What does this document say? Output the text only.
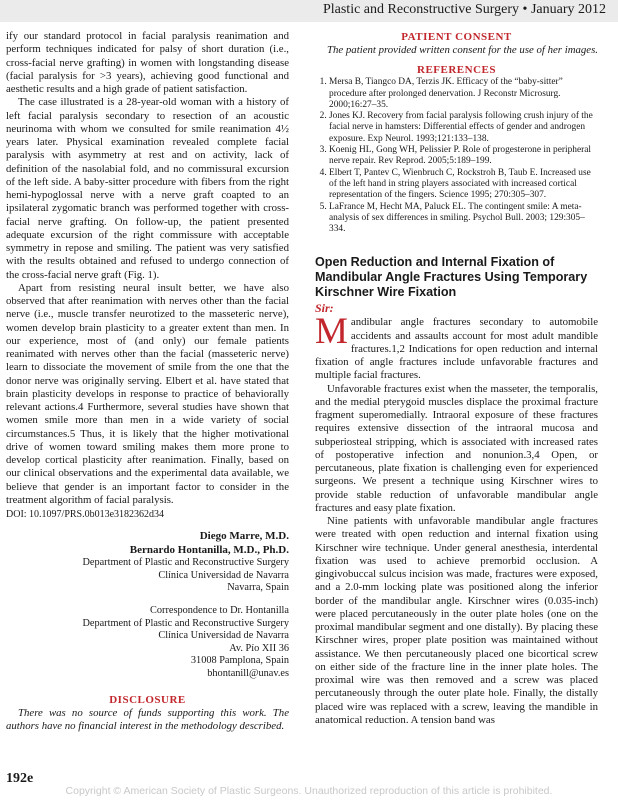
Plastic and Reconstructive Surgery • January 2012

ify our standard protocol in facial paralysis reanimation and perform techniques indicated for palsy of short duration (i.e., cross-facial nerve grafting) in women with longstanding disease (facial paralysis for >3 years), achieving good functional and aesthetic results and a high grade of patient satisfaction.

The case illustrated is a 28-year-old woman with a history of left facial paralysis secondary to resection of an acoustic neurinoma with whom we consulted for smile reanimation 4½ years later. Physical examination revealed complete facial paralysis with asymmetry at rest and on activity, lack of definition of the nasolabial fold, and no commissural excursion of the left side. A baby-sitter procedure with fibers from the right hemi-hypoglossal nerve with a nerve graft coapted to an ipsilateral zygomatic branch was performed together with cross-facial nerve grafting. On follow-up, the patient presented adequate excursion of the right commissure with acceptable symmetry in repose and smiling. The patient was very satisfied with the results obtained and refused to undergo connection of the cross-facial nerve graft (Fig. 1).

Apart from resisting neural insult better, we have also observed that after reanimation with nerves other than the facial nerve (i.e., muscle transfer neurotized to the masseteric nerve), women develop brain plasticity to a greater extent than men. In our experience, most of (and only) our female patients reanimated with nerves other than the facial (masseteric nerve) learn to dissociate the movement of smile from the one that the donor nerve was originally serving. Elbert et al. have stated that brain plasticity develops in response to practice of behaviorally relevant actions.4 Furthermore, several studies have shown that women smile more than men in a wide variety of social circumstances.5 Thus, it is likely that the higher motivational drive of women toward smiling makes them more prone to develop cortical plasticity after reanimation. Finally, based on our clinical observations and the experimental data available, we believe that gender is an important factor to consider in the treatment algorithm of facial paralysis.

DOI: 10.1097/PRS.0b013e3182362d34

Diego Marre, M.D.
Bernardo Hontanilla, M.D., Ph.D.
Department of Plastic and Reconstructive Surgery
Clínica Universidad de Navarra
Navarra, Spain
Correspondence to Dr. Hontanilla
Department of Plastic and Reconstructive Surgery
Clínica Universidad de Navarra
Av. Pío XII 36
31008 Pamplona, Spain
bhontanill@unav.es
DISCLOSURE

There was no source of funds supporting this work. The authors have no financial interest in the methodology described.

PATIENT CONSENT

The patient provided written consent for the use of her images.

REFERENCES
1. Mersa B, Tiangco DA, Terzis JK. Efficacy of the “baby-sitter” procedure after prolonged denervation. J Reconstr Microsurg. 2000;16:27–35.
2. Jones KJ. Recovery from facial paralysis following crush injury of the facial nerve in hamsters: Differential effects of gender and androgen exposure. Exp Neurol. 1993;121:133–138.
3. Koenig HL, Gong WH, Pelissier P. Role of progesterone in peripheral nerve repair. Rev Reprod. 2005;5:189–199.
4. Elbert T, Pantev C, Wienbruch C, Rockstroh B, Taub E. Increased use of the left hand in string players associated with increased cortical representation of the fingers. Science 1995; 270:305–307.
5. LaFrance M, Hecht MA, Paluck EL. The contingent smile: A meta-analysis of sex differences in smiling. Psychol Bull. 2003; 129:305–334.
Open Reduction and Internal Fixation of Mandibular Angle Fractures Using Temporary Kirschner Wire Fixation
Sir:

Mandibular angle fractures secondary to automobile accidents and assaults account for most adult mandible fractures.1,2 Indications for open reduction and internal fixation of angle fractures include unfavorable fractures and multiple facial fractures.

Unfavorable fractures exist when the masseter, the temporalis, and the medial pterygoid muscles displace the proximal fracture fragment superomedially. Intraoral exposure of these fractures requires extensive dissection of the intraoral mucosa and subperiosteal stripping, which is associated with increased rates of postoperative infection and nonunion.3,4 Open, or percutaneous, plate fixation is challenging even for experienced surgeons. We present a technique using Kirschner wires to provide stable reduction of unfavorable mandibular angle fractures and easy plate fixation.

Nine patients with unfavorable mandibular angle fractures were treated with open reduction and internal fixation using Kirschner wire technique. Under general anesthesia, interdental fixation was used to achieve premorbid occlusion. A gingivobuccal sulcus incision was made, fractures were exposed, and a 2.0-mm locking plate was positioned along the inferior border of the mandibular angle. Kirschner wires (0.035-inch) were placed percutaneously in the outer plate holes (one on the proximal mandibular segment and one distally). By placing these Kirschner wires, proper plate position was maintained without assistance. We then percutaneously placed one bicortical screw on either side of the fracture line in the inner plate holes. The proximal wire was then removed and a screw was placed percutaneously through the outer plate hole. Finally, the distally placed wire was replaced with a screw, leaving the mandible in anatomical reduction. A tension band was

192e
Copyright © American Society of Plastic Surgeons. Unauthorized reproduction of this article is prohibited.
